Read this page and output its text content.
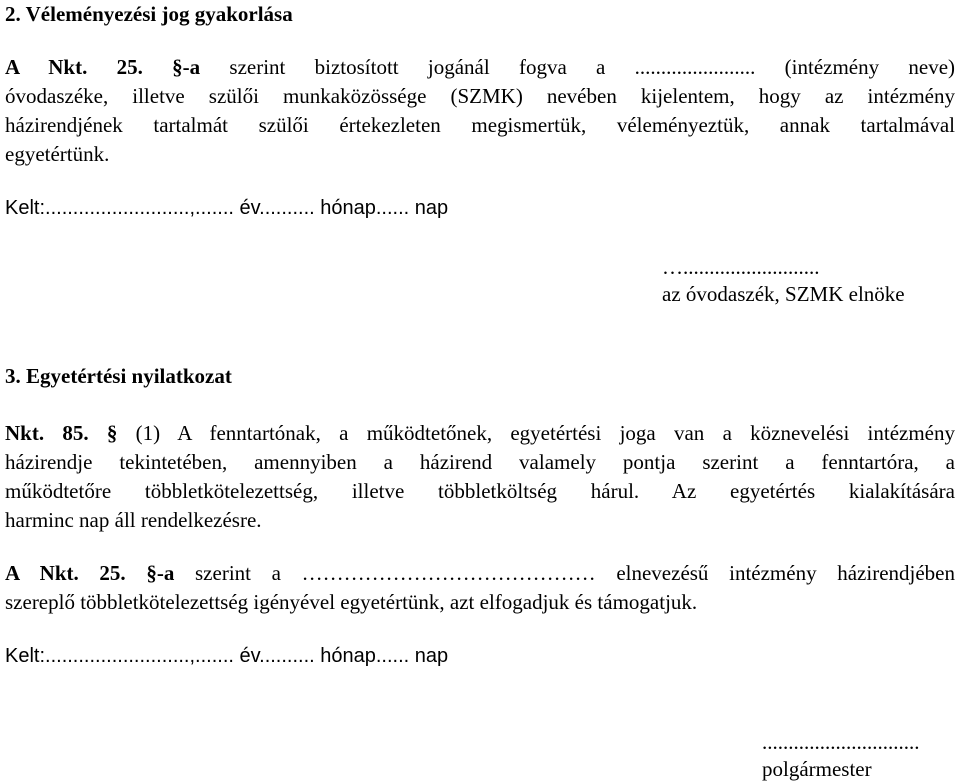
2. Véleményezési jog gyakorlása
A Nkt. 25. §-a szerint biztosított jogánál fogva a ....................... (intézmény neve)
óvodaszéke, illetve szülői munkaközössége (SZMK) nevében kijelentem, hogy az intézmény
házirendjének tartalmát szülői értekezleten megismertük, véleményeztük, annak tartalmával
egyetértünk.
Kelt:..........................,....... év.......... hónap...... nap
…..........................
az óvodaszék, SZMK elnöke
3. Egyetértési nyilatkozat
Nkt. 85. § (1) A fenntartónak, a működtetőnek, egyetértési joga van a köznevelési intézmény
házirendje tekintetében, amennyiben a házirend valamely pontja szerint a fenntartóra, a
működtetőre többletkötelezettség, illetve többletköltség hárul. Az egyetértés kialakítására
harminc nap áll rendelkezésre.
A Nkt. 25. §-a szerint a …………………………………… elnevezésű intézmény házirendjében
szereplő többletkötelezettség igényével egyetértünk, azt elfogadjuk és támogatjuk.
Kelt:..........................,....... év.......... hónap...... nap
..............................
polgármester
